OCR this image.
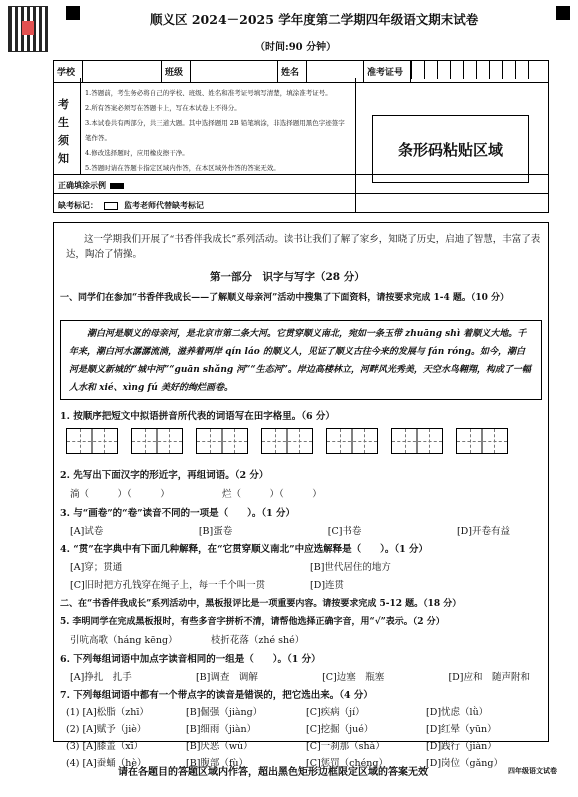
顺义区 2024－2025 学年度第二学期四年级语文期末试卷
（时间:90 分钟）
学校		班级		姓名		准考证号	
考生须知
1.答题前，考生务必将自己的学校、班级、姓名和准考证号填写清楚，填涂准考证号。
2.所有答案必须写在答题卡上，写在本试卷上不得分。
3.本试卷共有两部分，共三道大题。其中选择题用 2B 铅笔填涂，非选择题用黑色字迹签字笔作答。
4.修改选择题时，应用橡皮擦干净。
5.答题时请在答题卡指定区域内作答，在本区域外作答的答案无效。
条形码粘贴区域
正确填涂示例
缺考标记：	监考老师代替缺考标记
这一学期我们开展了“书香伴我成长”系列活动。读书让我们了解了家乡，知晓了历史，启迪了智慧，丰富了表达，陶冶了情操。
第一部分　识字与写字（28 分）
一、同学们在参加“书香伴我成长——了解顺义母亲河”活动中搜集了下面资料，请按要求完成 1-4 题。（10 分）
潮白河是顺义的母亲河，是北京市第二条大河。它贯穿顺义南北，宛如一条玉带 zhuāng shì 着顺义大地。千年来，潮白河水潺潺流淌，滋养着两岸 qín láo 的顺义人，见证了顺义古往今来的发展与 fán róng。如今，潮白河是顺义新城的“城中河”“guān shǎng 河”“生态河”。岸边高楼林立，河畔风光秀美，天空水鸟翱翔，构成了一幅人水和 xié、xìng fú 美好的绚烂画卷。
1. 按顺序把短文中拟语拼音所代表的词语写在田字格里。（6 分）
2. 先写出下面汉字的形近字，再组词语。（2 分）
淌（　　　）（　　　）　　　　　　烂（　　　）（　　　）
3. 与“画卷”的“卷”读音不同的一项是（　　）。（1 分）
[A]试卷	[B]蛋卷	[C]书卷	[D]开卷有益
4. “贯”在字典中有下面几种解释，在“它贯穿顺义南北”中应选解释是（　　）。（1 分）
[A]穿；贯通	[B]世代居住的地方
[C]旧时把方孔钱穿在绳子上，每一千个叫一贯	[D]连贯
二、在“书香伴我成长”系列活动中，黑板报评比是一项重要内容。请按要求完成 5-12 题。（18 分）
5. 李明同学在完成黑板报时，有些多音字拼析不清，请帮他选择正确字音，用“√”表示。（2 分）
引吭高歌（háng kēng）　　　　枝折花落（zhé shé）
6. 下列每组词语中加点字读音相同的一组是（　　）。（1 分）
[A]挣扎　扎手	[B]调查　调解	[C]边塞　瓶塞	[D]应和　随声附和
7. 下列每组词语中都有一个带点字的读音是错误的，把它选出来。（4 分）
(1) [A]松脂（zhī）	[B]倔强（jiàng）	[C]疾病（jí）	[D]忧虑（lǜ）
(2) [A]赋予（jiè）	[B]细雨（jiàn）	[C]挖掘（jué）	[D]红晕（yūn）
(3) [A]膝盖（xī）	[B]厌恶（wù）	[C]一刹那（shà）	[D]践行（jiàn）
(4) [A]蚕蛹（hè）	[B]腹部（fù）	[C]惩罚（chéng）	[D]岗位（gǎng）
请在各题目的答题区域内作答，超出黑色矩形边框限定区域的答案无效	四年级语文试卷
